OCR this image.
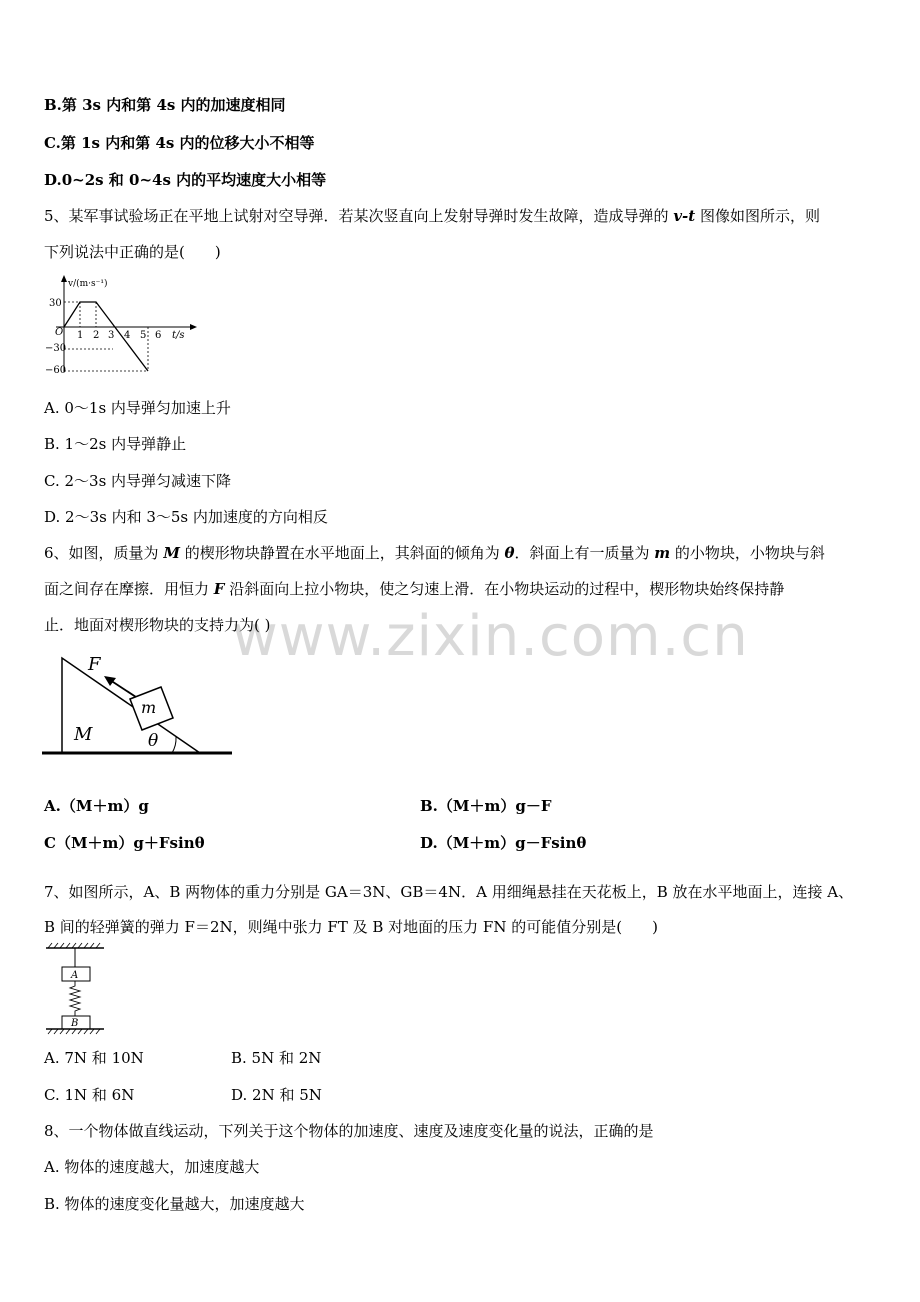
www.zixin.com.cn
B.第 3s 内和第 4s 内的加速度相同
C.第 1s 内和第 4s 内的位移大小不相等
D.0~2s 和 0~4s 内的平均速度大小相等
5、某军事试验场正在平地上试射对空导弹．若某次竖直向上发射导弹时发生故障，造成导弹的 v-t 图像如图所示，则
下列说法中正确的是(　　)
v/(m·s⁻¹)
t/s
O
30
−30
−60
1 2 3 4 5 6
A. 0～1s 内导弹匀加速上升
B. 1～2s 内导弹静止
C. 2～3s 内导弹匀减速下降
D. 2～3s 内和 3～5s 内加速度的方向相反
6、如图，质量为 M 的楔形物块静置在水平地面上，其斜面的倾角为 θ．斜面上有一质量为 m 的小物块，小物块与斜
面之间存在摩擦．用恒力 F 沿斜面向上拉小物块，使之匀速上滑．在小物块运动的过程中，楔形物块始终保持静
止．地面对楔形物块的支持力为( )
m
F
M	θ
A.（M＋m）g	B.（M＋m）g－F
C（M＋m）g＋Fsinθ	D.（M＋m）g－Fsinθ
7、如图所示，A、B 两物体的重力分别是 GA＝3N、GB＝4N．A 用细绳悬挂在天花板上，B 放在水平地面上，连接 A、
B 间的轻弹簧的弹力 F＝2N，则绳中张力 FT 及 B 对地面的压力 FN 的可能值分别是(　　)
A
B
A. 7N 和 10N	B. 5N 和 2N
C. 1N 和 6N	D. 2N 和 5N
8、一个物体做直线运动，下列关于这个物体的加速度、速度及速度变化量的说法，正确的是
A. 物体的速度越大，加速度越大
B. 物体的速度变化量越大，加速度越大
